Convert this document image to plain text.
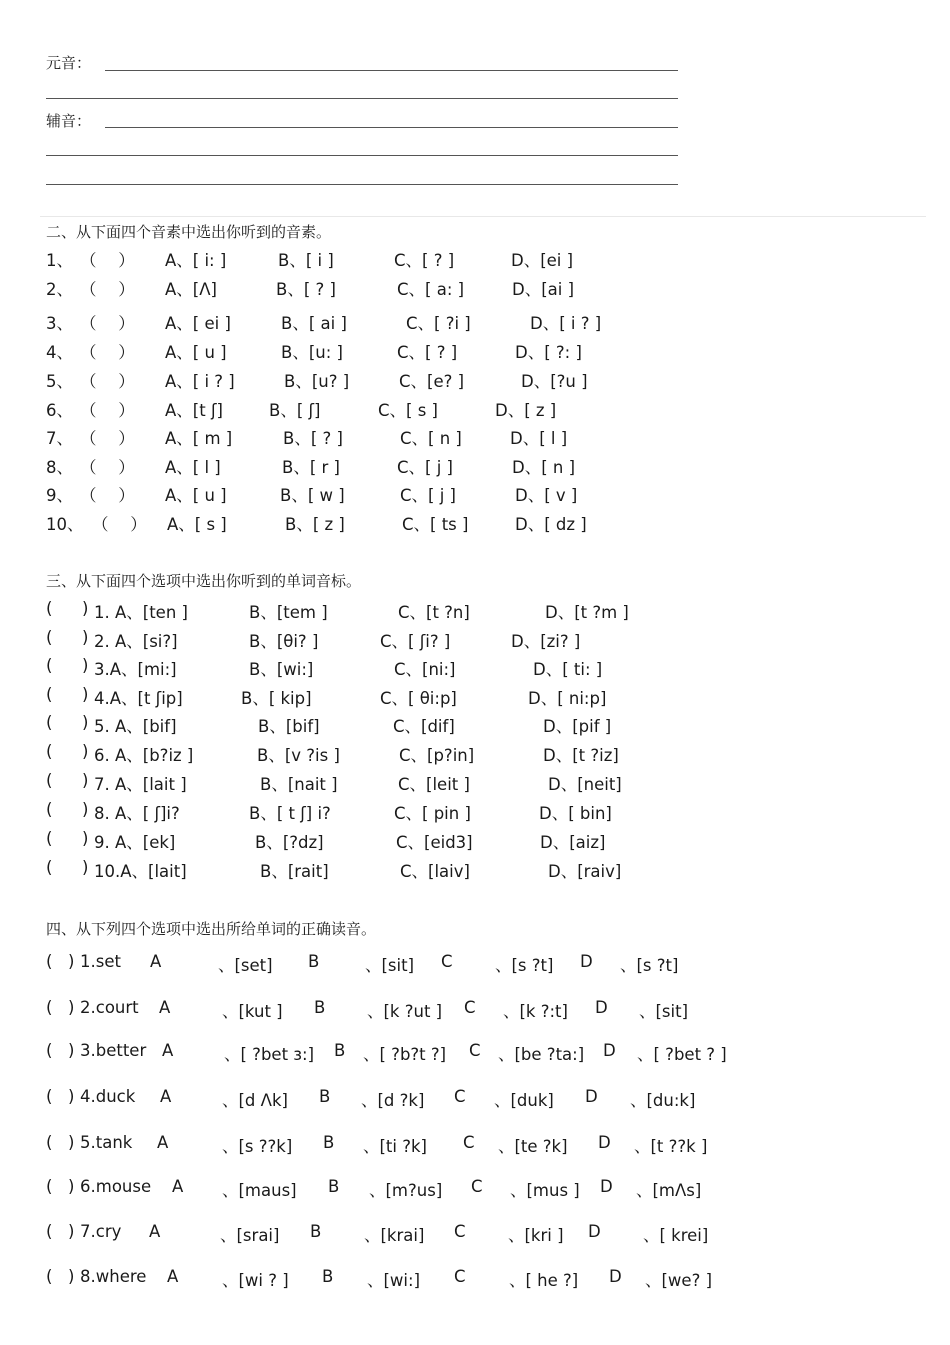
元音：
辅音：
二、从下面四个音素中选出你听到的音素。
1、 （　 ） A、[ i: ]	B、[ i ]	C、[ ? ]	D、[ei ]
2、 （　 ） A、[Λ]	B、[ ? ]	C、[ a: ]	D、[ai ]
3、 （　 ） A、[ ei ]	B、[ ai ]	C、[ ?i ]	D、[ i ? ]
4、 （　 ） A、[ u ]	B、[u: ]	C、[ ? ]	D、[ ?: ]
5、 （　 ） A、[ i ? ]	B、[u? ]	C、[e? ]	D、[?u ]
6、 （　 ） A、[t ʃ]	B、[ ʃ]	C、[ s ]	D、[ z ]
7、 （　 ） A、[ m ]	B、[ ? ]	C、[ n ]	D、[ l ]
8、 （　 ） A、[ l ]	B、[ r ]	C、[ j ]	D、[ n ]
9、 （　 ） A、[ u ]	B、[ w ]	C、[ j ]	D、[ v ]
10、 （　 ） A、[ s ]	B、[ z ]	C、[ ts ]	D、[ dz ]
三、从下面四个选项中选出你听到的单词音标。
( ) 1. A、[ten ]	B、[tem ]	C、[t ?n]	D、[t ?m ]
( ) 2. A、[si?]	B、[θi? ]	C、[ ʃi? ]	D、[zi? ]
( ) 3.A、[mi:]	B、[wi:]	C、[ni:]	D、[ ti: ]
( ) 4.A、[t ʃip]	B、[ kip]	C、[ θi:p]	D、[ ni:p]
( ) 5. A、[bif]	B、[bif]	C、[dif]	D、[pif ]
( ) 6. A、[b?iz ]	B、[v ?is ]	C、[p?in]	D、[t ?iz]
( ) 7. A、[lait ]	B、[nait ]	C、[leit ]	D、[neit]
( ) 8. A、[ ʃ]i?	B、[ t ʃ] i?	C、[ pin ]	D、[ bin]
( ) 9. A、[ek]	B、[?dz]	C、[eid3]	D、[aiz]
( ) 10.A、[lait]	B、[rait]	C、[laiv]	D、[raiv]
四、从下列四个选项中选出所给单词的正确读音。
( ) 1.set A	、[set] B	、[sit] C	、[s ?t] D 、[s ?t]
( ) 2.court A	、[kut ] B	、[k ?ut ] C 、[k ?:t] D 、[sit]
( ) 3.better A	、[ ?bet ɜ:] B 、[ ?b?t ?] C 、[be ?ta:] D 、[ ?bet ? ]
( ) 4.duck A	、[d Λk] B 、[d ?k] C 、[duk] D 、[du:k]
( ) 5.tank A	、[s ??k] B 、[ti ?k] C 、[te ?k] D 、[t ??k ]
( ) 6.mouse A 、[maus] B 、[m?us] C 、[mus ] D 、[mΛs]
( ) 7.cry A	、[srai] B	、[krai] C	、[kri ] D	、[ krei]
( ) 8.where A	、[wi ? ] B 、[wi:] C	、[ he ?] D 、[we? ]
